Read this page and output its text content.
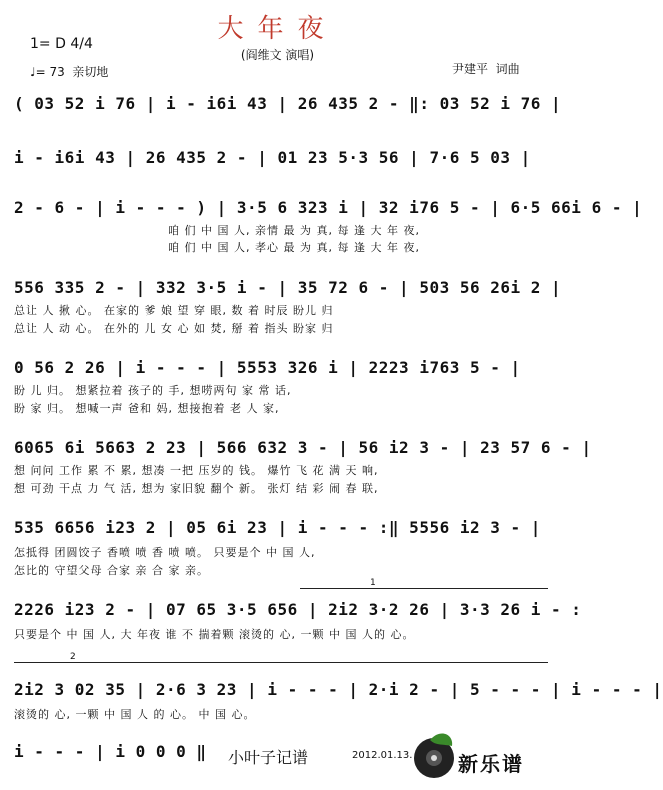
大年夜
(阎维文 演唱)
1= D 4/4
♩= 73  亲切地	尹建平  词曲
( 03 52 i 76 | i - i6i 43 | 26 435 2 - ‖: 03 52 i 76 |
i - i6i 43 | 26 435 2 - | 01 23 5·3 56 | 7·6 5 03 |
2 - 6 - | i - - - ) | 3·5 6 323 i | 32 i76 5 - | 6·5 66i 6 - |
咱 们 中 国 人, 亲情 最 为 真, 每 逢 大 年 夜,
咱 们 中 国 人, 孝心 最 为 真, 每 逢 大 年 夜,
556 335 2 - | 332 3·5 i - | 35 72 6 - | 503 56 26i 2 |
总让 人 揪 心。 在家的 爹 娘 望 穿 眼, 数 着 时辰 盼儿 归
总让 人 动 心。 在外的 儿 女 心 如 焚, 掰 着 指头 盼家 归
0 56 2 26 | i - - - | 5553 326 i | 2223 i763 5 - |
盼 儿 归。 想紧拉着 孩子的 手, 想唠两句 家 常 话,
盼 家 归。 想喊一声 爸和 妈, 想接抱着 老 人 家,
6065 6i 5663 2 23 | 566 632 3 - | 56 i2 3 - | 23 57 6 - |
想 问问 工作 累 不 累, 想凑 一把 压岁的 钱。 爆竹 飞 花 满 天 响,
想 可劲 干点 力 气 活, 想为 家旧貌 翻个 新。 张灯 结 彩 闹 春 联,
535 6656 i23 2 | 05 6i 23 | i - - - :‖ 5556 i2 3 - |
怎抵得 团圆饺子 香喷 喷 香 喷 喷。 只要是个 中 国 人,
怎比的 守望父母 合家 亲 合 家 亲。
1
2226 i23 2 - | 07 65 3·5 656 | 2i2 3·2 26 | 3·3 26 i - :
只要是个 中 国 人, 大 年夜 谁 不 揣着颗 滚烫的 心, 一颗 中 国 人的 心。
2
2i2 3 02 35 | 2·6 3 23 | i - - - | 2·i 2 - | 5 - - - | i - - - |
滚烫的 心, 一颗 中 国 人 的 心。 中 国 心。
i - - - | i 0 0 0 ‖ 小叶子记谱	2012.01.13. 新乐谱
